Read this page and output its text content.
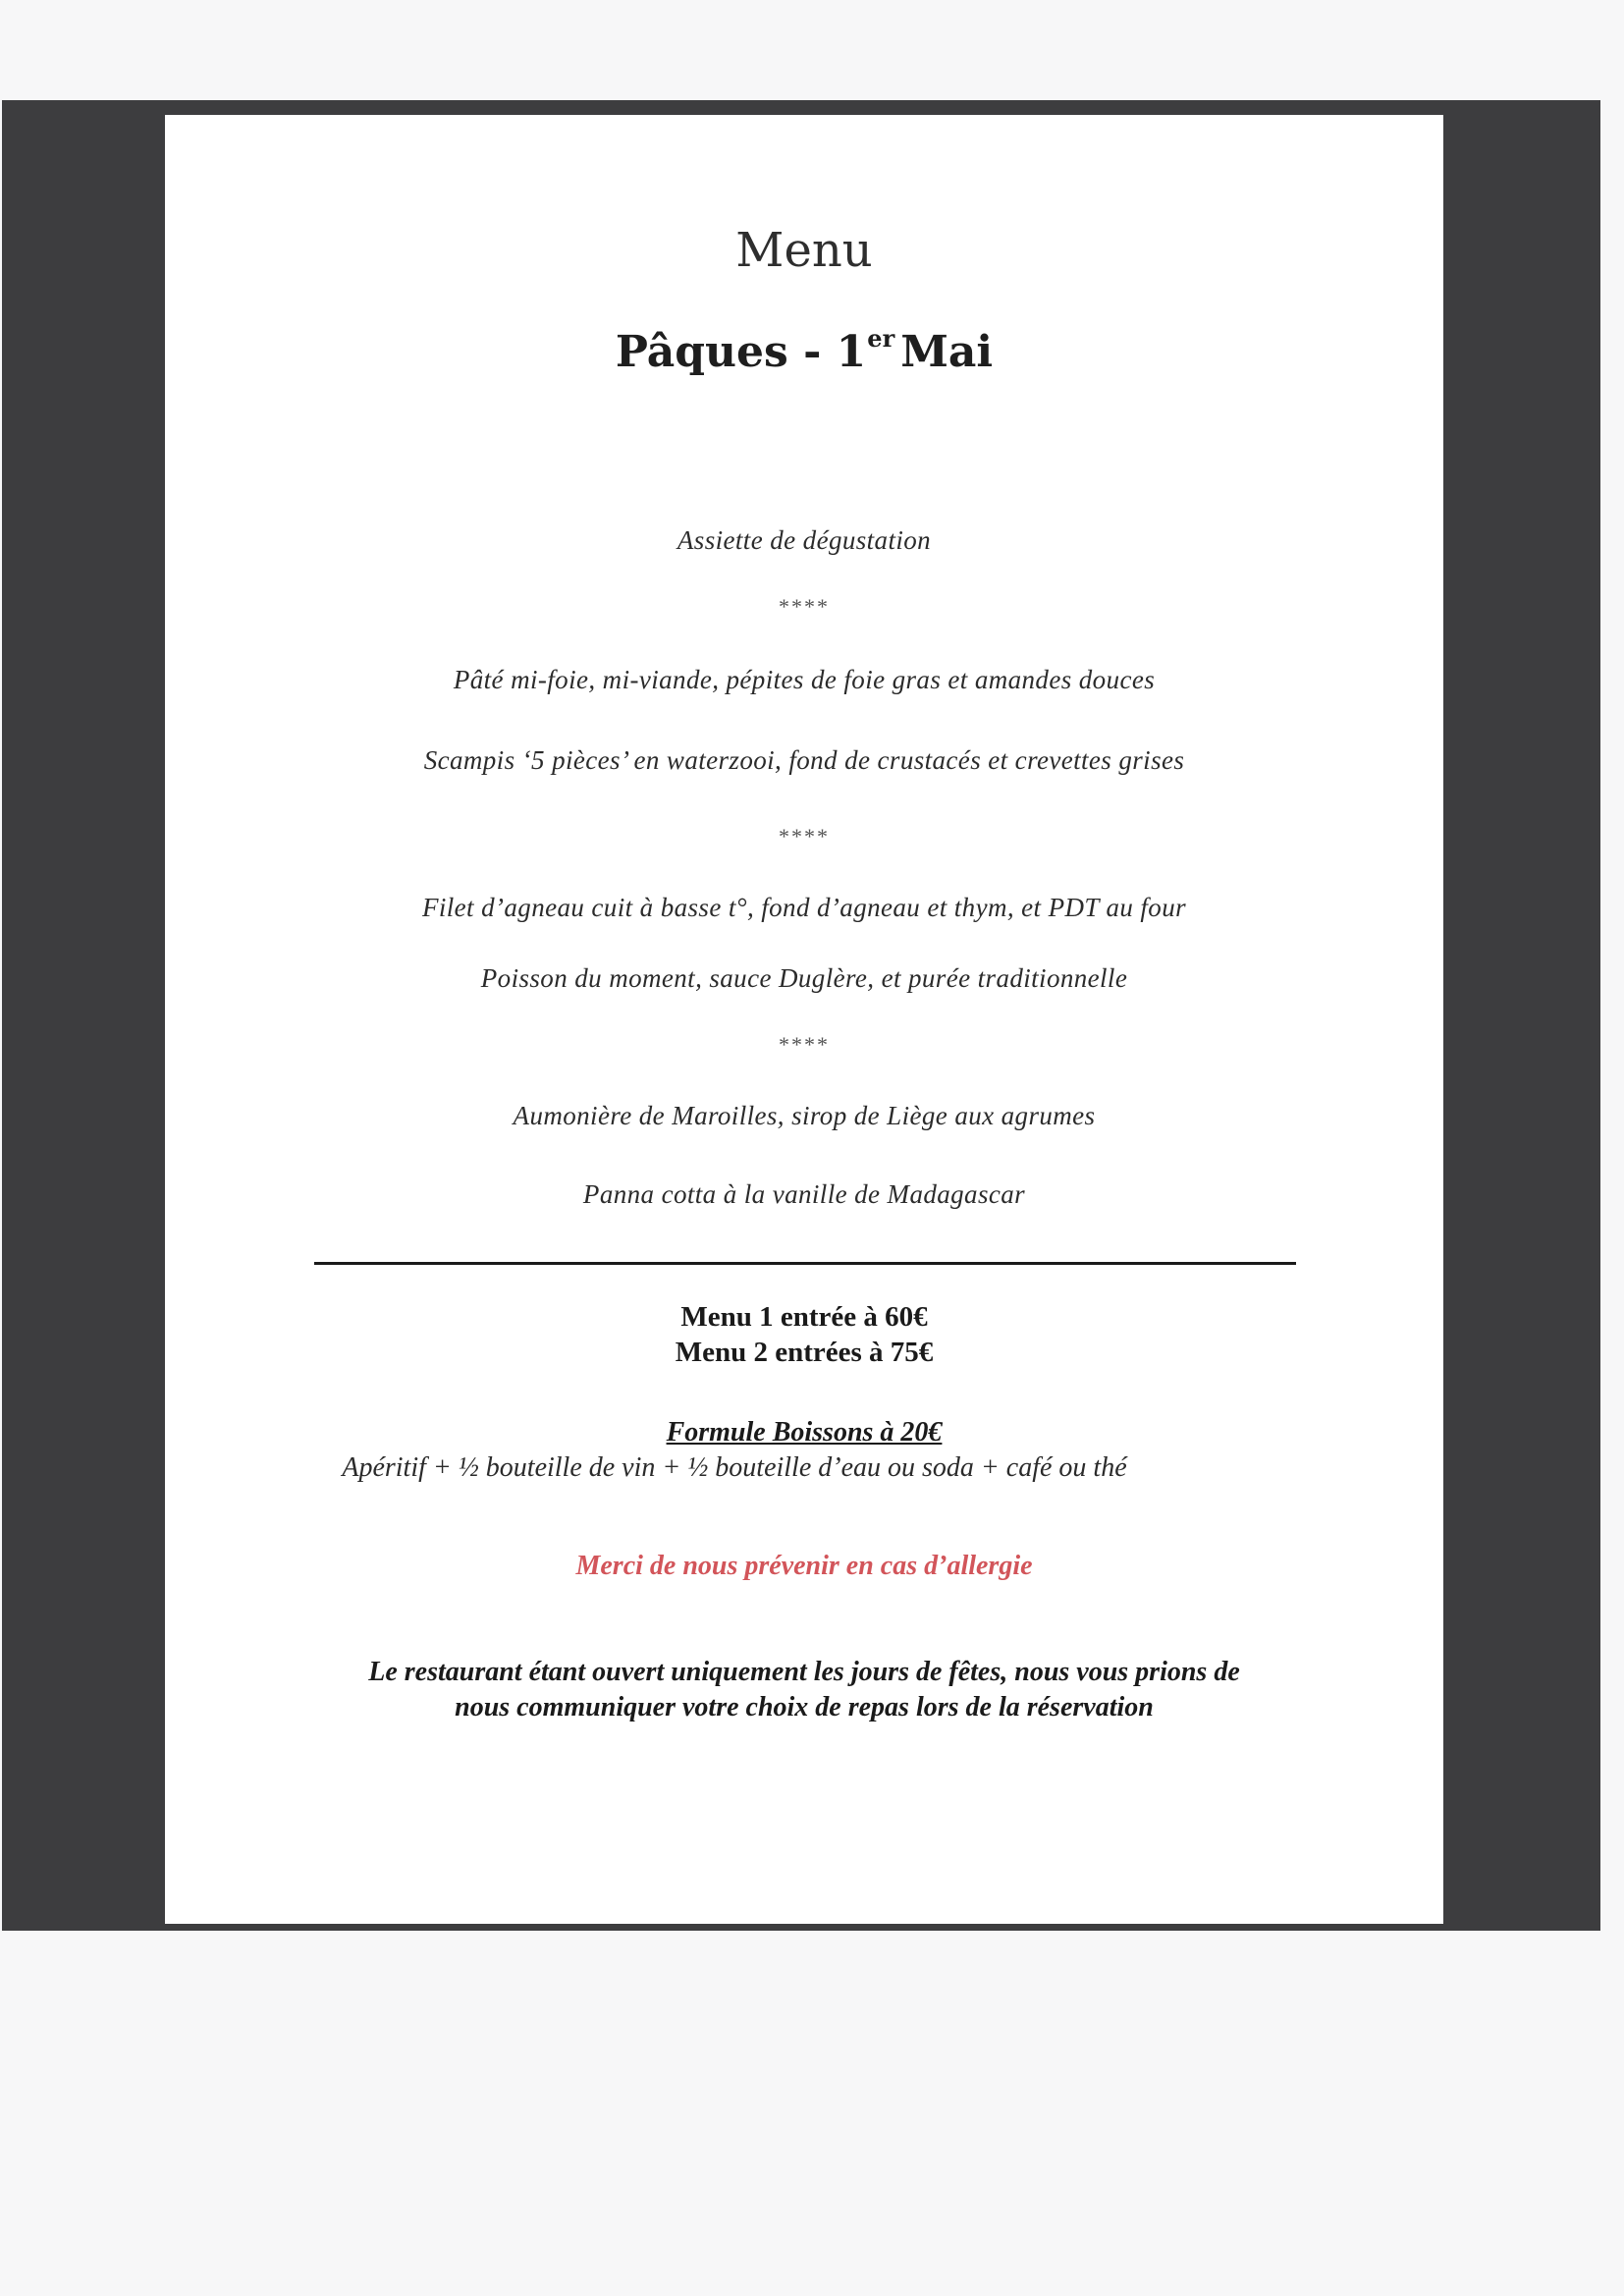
Menu
Pâques - 1er Mai
Assiette de dégustation
****
Pâté mi-foie, mi-viande, pépites de foie gras et amandes douces
Scampis ‘5 pièces’ en waterzooi, fond de crustacés et crevettes grises
****
Filet d’agneau cuit à basse t°, fond d’agneau et thym, et PDT au four
Poisson du moment, sauce Duglère, et purée traditionnelle
****
Aumonière de Maroilles, sirop de Liège aux agrumes
Panna cotta à la vanille de Madagascar
Menu 1 entrée à 60€
Menu 2 entrées à 75€
Formule Boissons à 20€
Apéritif + ½ bouteille de vin + ½ bouteille d’eau ou soda + café ou thé
Merci de nous prévenir en cas d’allergie
Le restaurant étant ouvert uniquement les jours de fêtes, nous vous prions de
nous communiquer votre choix de repas lors de la réservation
